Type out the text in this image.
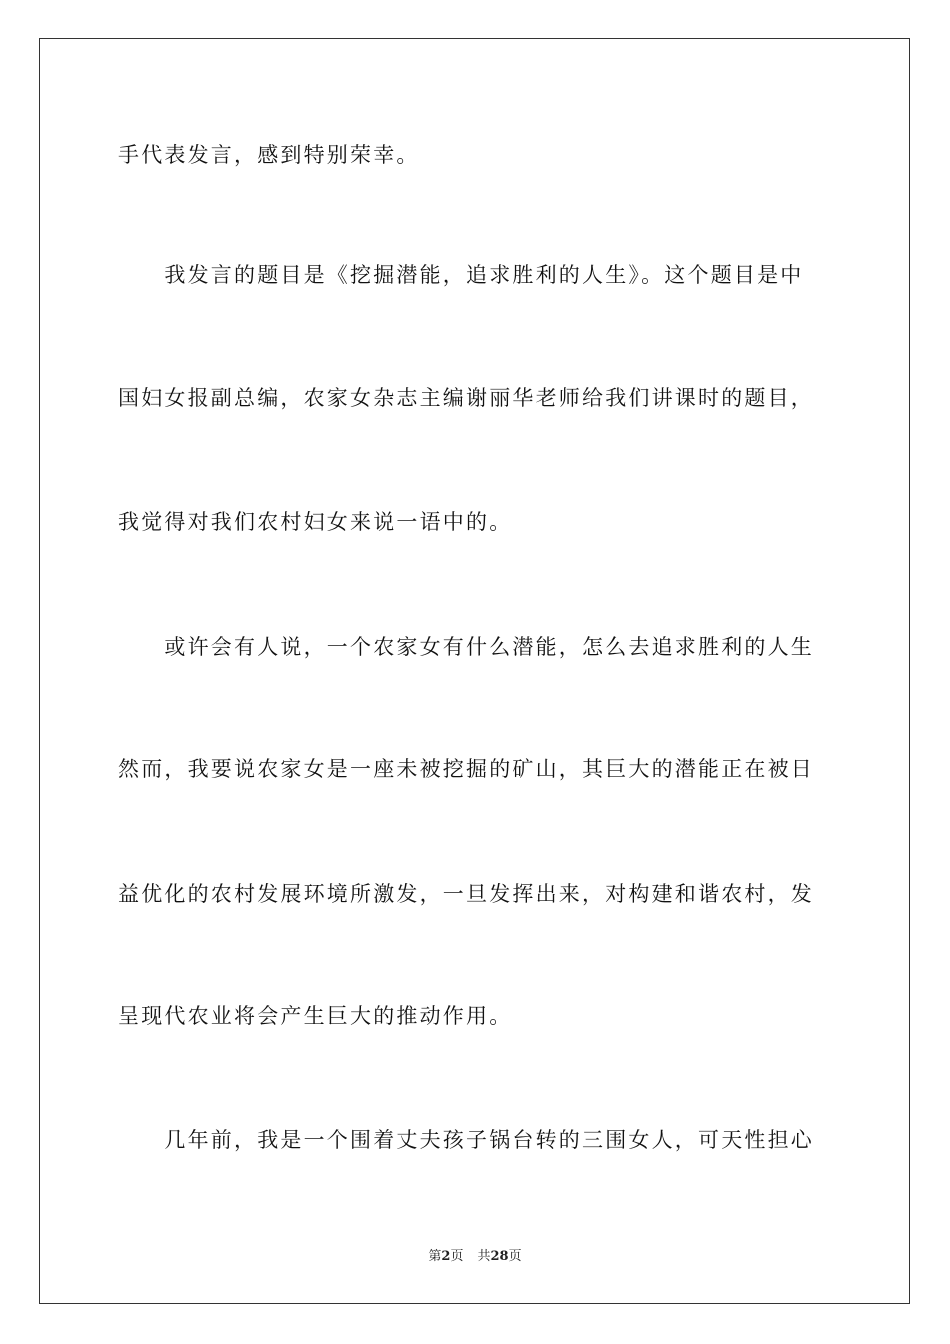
手代表发言，感到特别荣幸。
　　我发言的题目是《挖掘潜能，追求胜利的人生》。这个题目是中
国妇女报副总编，农家女杂志主编谢丽华老师给我们讲课时的题目，
我觉得对我们农村妇女来说一语中的。
　　或许会有人说，一个农家女有什么潜能，怎么去追求胜利的人生
然而，我要说农家女是一座未被挖掘的矿山，其巨大的潜能正在被日
益优化的农村发展环境所激发，一旦发挥出来，对构建和谐农村，发
呈现代农业将会产生巨大的推动作用。
　　几年前，我是一个围着丈夫孩子锅台转的三围女人，可天性担心
第2页 共28页
